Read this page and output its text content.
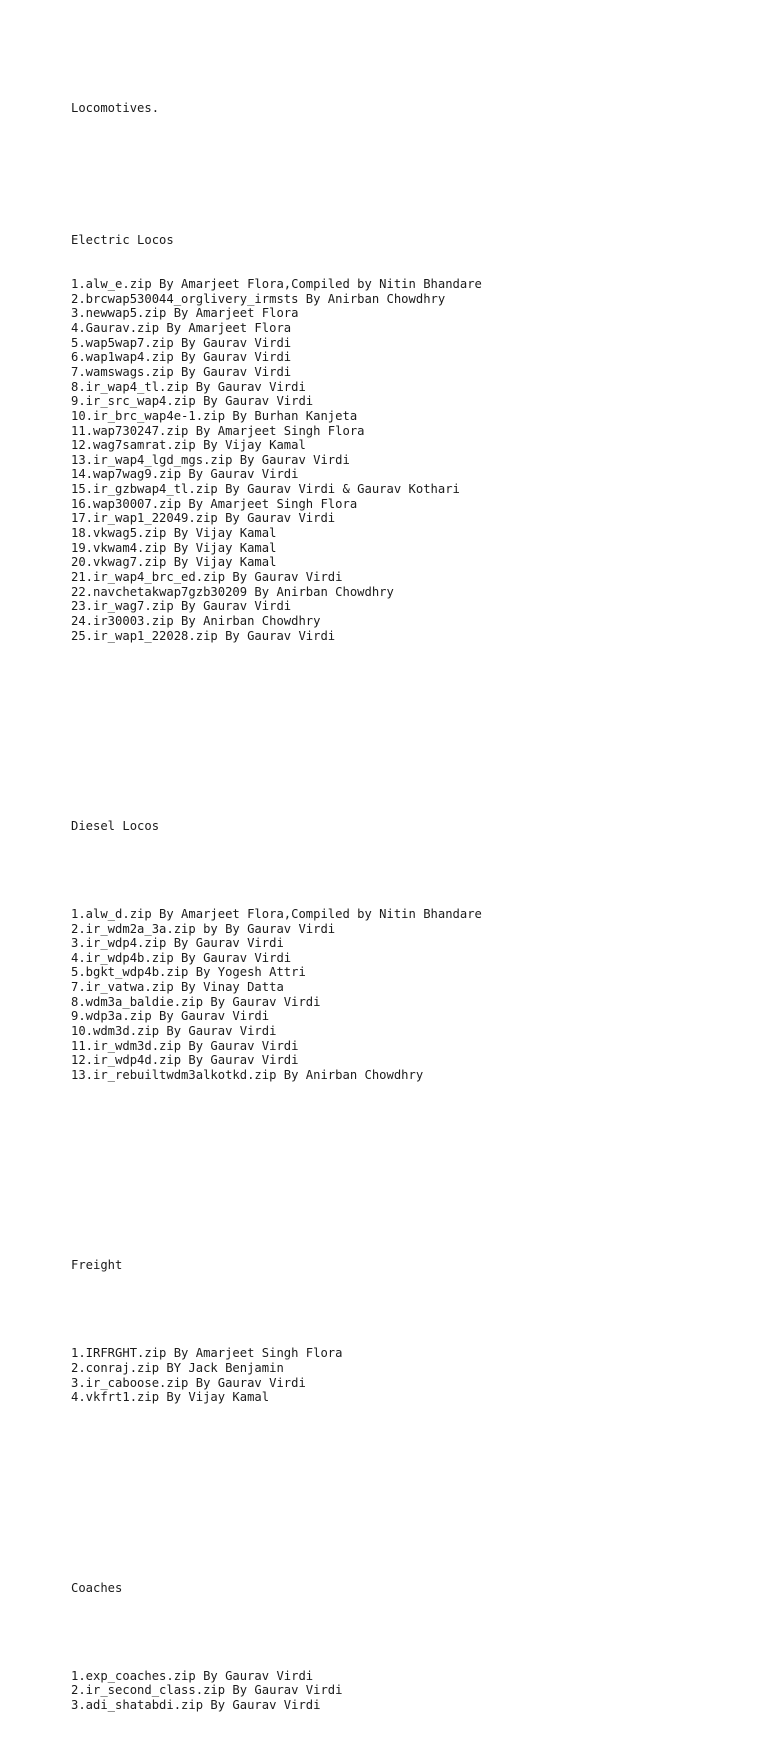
Locomotives.

Electric Locos

1.alw_e.zip By Amarjeet Flora,Compiled by Nitin Bhandare
2.brcwap530044_orglivery_irmsts By Anirban Chowdhry
3.newwap5.zip By Amarjeet Flora
4.Gaurav.zip By Amarjeet Flora
5.wap5wap7.zip By Gaurav Virdi
6.wap1wap4.zip By Gaurav Virdi
7.wamswags.zip By Gaurav Virdi
8.ir_wap4_tl.zip By Gaurav Virdi
9.ir_src_wap4.zip By Gaurav Virdi
10.ir_brc_wap4e-1.zip By Burhan Kanjeta
11.wap730247.zip By Amarjeet Singh Flora
12.wag7samrat.zip By Vijay Kamal
13.ir_wap4_lgd_mgs.zip By Gaurav Virdi
14.wap7wag9.zip By Gaurav Virdi
15.ir_gzbwap4_tl.zip By Gaurav Virdi & Gaurav Kothari
16.wap30007.zip By Amarjeet Singh Flora
17.ir_wap1_22049.zip By Gaurav Virdi
18.vkwag5.zip By Vijay Kamal
19.vkwam4.zip By Vijay Kamal
20.vkwag7.zip By Vijay Kamal
21.ir_wap4_brc_ed.zip By Gaurav Virdi
22.navchetakwap7gzb30209 By Anirban Chowdhry
23.ir_wag7.zip By Gaurav Virdi
24.ir30003.zip By Anirban Chowdhry
25.ir_wap1_22028.zip By Gaurav Virdi

Diesel Locos

1.alw_d.zip By Amarjeet Flora,Compiled by Nitin Bhandare
2.ir_wdm2a_3a.zip by By Gaurav Virdi
3.ir_wdp4.zip By Gaurav Virdi
4.ir_wdp4b.zip By Gaurav Virdi
5.bgkt_wdp4b.zip By Yogesh Attri
7.ir_vatwa.zip By Vinay Datta
8.wdm3a_baldie.zip By Gaurav Virdi
9.wdp3a.zip By Gaurav Virdi
10.wdm3d.zip By Gaurav Virdi
11.ir_wdm3d.zip By Gaurav Virdi
12.ir_wdp4d.zip By Gaurav Virdi
13.ir_rebuiltwdm3alkotkd.zip By Anirban Chowdhry

Freight

1.IRFRGHT.zip By Amarjeet Singh Flora
2.conraj.zip BY Jack Benjamin
3.ir_caboose.zip By Gaurav Virdi
4.vkfrt1.zip By Vijay Kamal

Coaches

1.exp_coaches.zip By Gaurav Virdi
2.ir_second_class.zip By Gaurav Virdi
3.adi_shatabdi.zip By Gaurav Virdi
